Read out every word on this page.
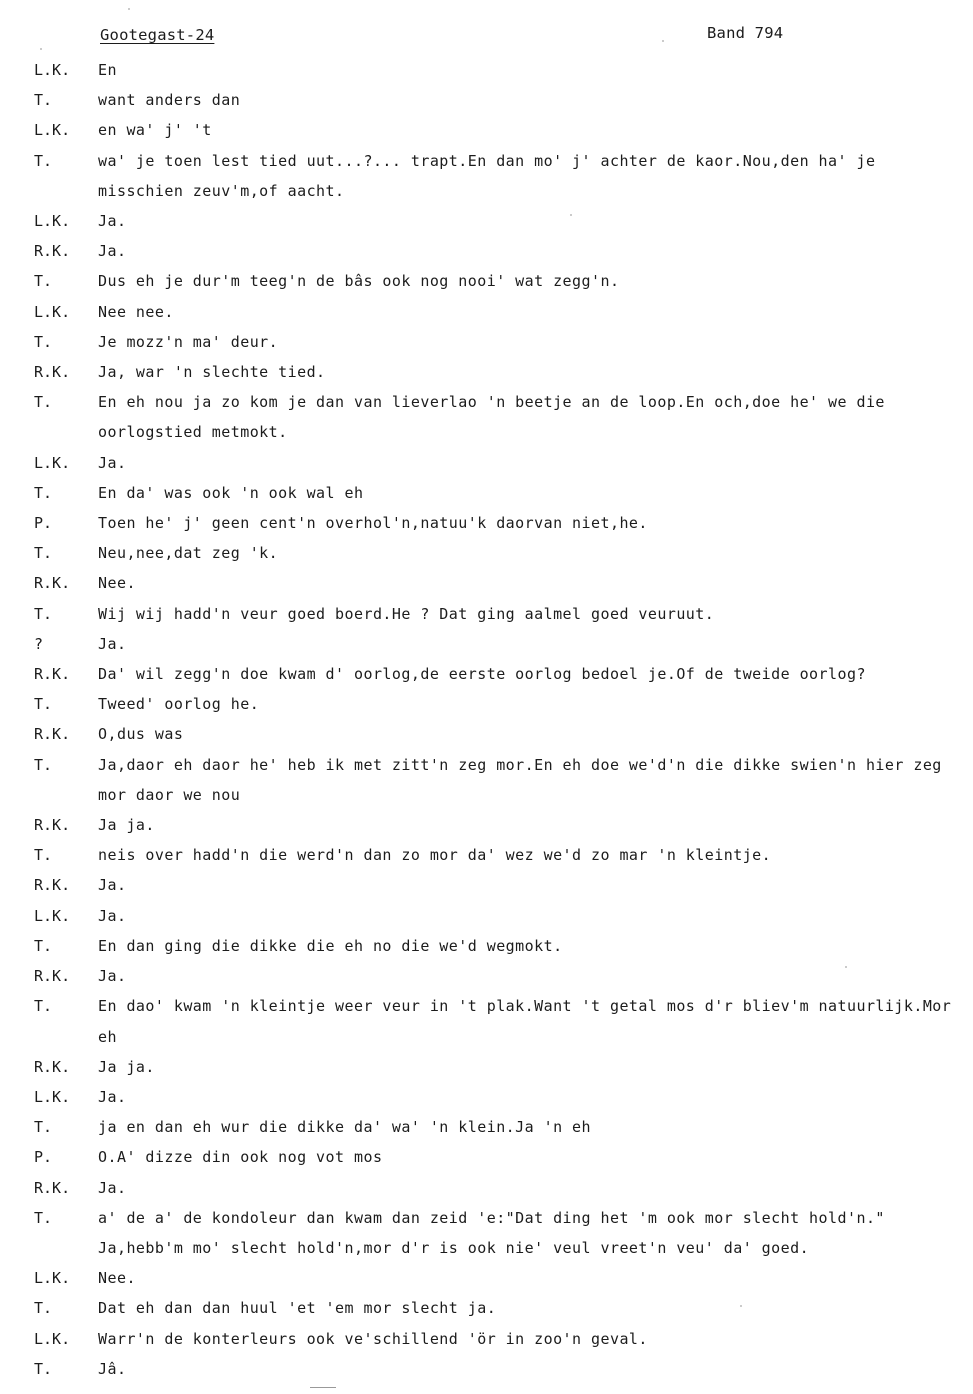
Gootegast-24	Band 794
L.K.	En
T.	want anders dan
L.K.	en wa' j' 't
T.	wa' je toen lest tied uut...?... trapt.En dan mo' j' achter de kaor.Nou,den ha' je misschien zeuv'm,of aacht.
L.K.	Ja.
R.K.	Ja.
T.	Dus eh je dur'm teeg'n de bâs ook nog nooi' wat zegg'n.
L.K.	Nee nee.
T.	Je mozz'n ma' deur.
R.K.	Ja, war 'n slechte tied.
T.	En eh nou ja zo kom je dan van lieverlao 'n beetje an de loop.En och,doe he' we die oorlogstied metmokt.
L.K.	Ja.
T.	En da' was ook 'n ook wal eh
P.	Toen he' j' geen cent'n overhol'n,natuu'k daorvan niet,he.
T.	Neu,nee,dat zeg 'k.
R.K.	Nee.
T.	Wij wij hadd'n veur goed boerd.He ? Dat ging aalmel goed veuruut.
?	Ja.
R.K.	Da' wil zegg'n doe kwam d' oorlog,de eerste oorlog bedoel je.Of de tweide oorlog?
T.	Tweed' oorlog he.
R.K.	O,dus was
T.	Ja,daor eh daor he' heb ik met zitt'n zeg mor.En eh doe we'd'n die dikke swien'n hier zeg mor daor we nou
R.K.	Ja ja.
T.	neis over hadd'n die werd'n dan zo mor da' wez we'd zo mar 'n kleintje.
R.K.	Ja.
L.K.	Ja.
T.	En dan ging die dikke die eh no die we'd wegmokt.
R.K.	Ja.
T.	En dao' kwam 'n kleintje weer veur in 't plak.Want 't getal mos d'r bliev'm natuurlijk.Mor eh
R.K.	Ja ja.
L.K.	Ja.
T.	ja en dan eh wur die dikke da' wa' 'n klein.Ja 'n eh
P.	O.A' dizze din ook nog vot mos
R.K.	Ja.
T.	a' de a' de kondoleur dan kwam dan zeid 'e:"Dat ding het 'm ook mor slecht hold'n." Ja,hebb'm mo' slecht hold'n,mor d'r is ook nie' veul vreet'n veu' da' goed.
L.K.	Nee.
T.	Dat eh dan dan huul 'et 'em mor slecht ja.
L.K.	Warr'n de konterleurs ook ve'schillend 'ör in zoo'n geval.
T.	Jâ.
